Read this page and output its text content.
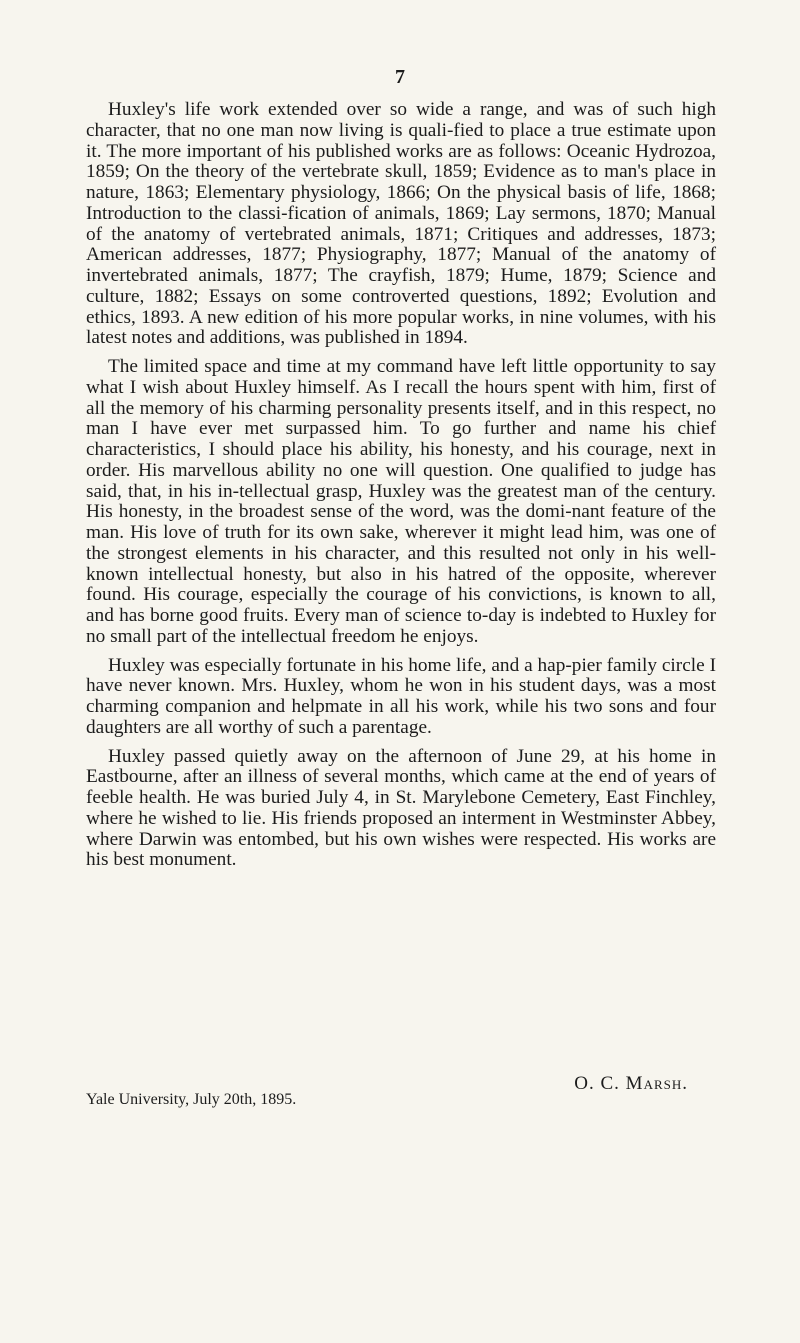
7

Huxley's life work extended over so wide a range, and was of such high character, that no one man now living is quali-fied to place a true estimate upon it. The more important of his published works are as follows: Oceanic Hydrozoa, 1859; On the theory of the vertebrate skull, 1859; Evidence as to man's place in nature, 1863; Elementary physiology, 1866; On the physical basis of life, 1868; Introduction to the classi-fication of animals, 1869; Lay sermons, 1870; Manual of the anatomy of vertebrated animals, 1871; Critiques and addresses, 1873; American addresses, 1877; Physiography, 1877; Manual of the anatomy of invertebrated animals, 1877; The crayfish, 1879; Hume, 1879; Science and culture, 1882; Essays on some controverted questions, 1892; Evolution and ethics, 1893. A new edition of his more popular works, in nine volumes, with his latest notes and additions, was published in 1894.

The limited space and time at my command have left little opportunity to say what I wish about Huxley himself. As I recall the hours spent with him, first of all the memory of his charming personality presents itself, and in this respect, no man I have ever met surpassed him. To go further and name his chief characteristics, I should place his ability, his honesty, and his courage, next in order. His marvellous ability no one will question. One qualified to judge has said, that, in his in-tellectual grasp, Huxley was the greatest man of the century. His honesty, in the broadest sense of the word, was the domi-nant feature of the man. His love of truth for its own sake, wherever it might lead him, was one of the strongest elements in his character, and this resulted not only in his well-known intellectual honesty, but also in his hatred of the opposite, wherever found. His courage, especially the courage of his convictions, is known to all, and has borne good fruits. Every man of science to-day is indebted to Huxley for no small part of the intellectual freedom he enjoys.

Huxley was especially fortunate in his home life, and a hap-pier family circle I have never known. Mrs. Huxley, whom he won in his student days, was a most charming companion and helpmate in all his work, while his two sons and four daughters are all worthy of such a parentage.

Huxley passed quietly away on the afternoon of June 29, at his home in Eastbourne, after an illness of several months, which came at the end of years of feeble health. He was buried July 4, in St. Marylebone Cemetery, East Finchley, where he wished to lie. His friends proposed an interment in Westminster Abbey, where Darwin was entombed, but his own wishes were respected. His works are his best monument.

O. C. Marsh.
Yale University, July 20th, 1895.
